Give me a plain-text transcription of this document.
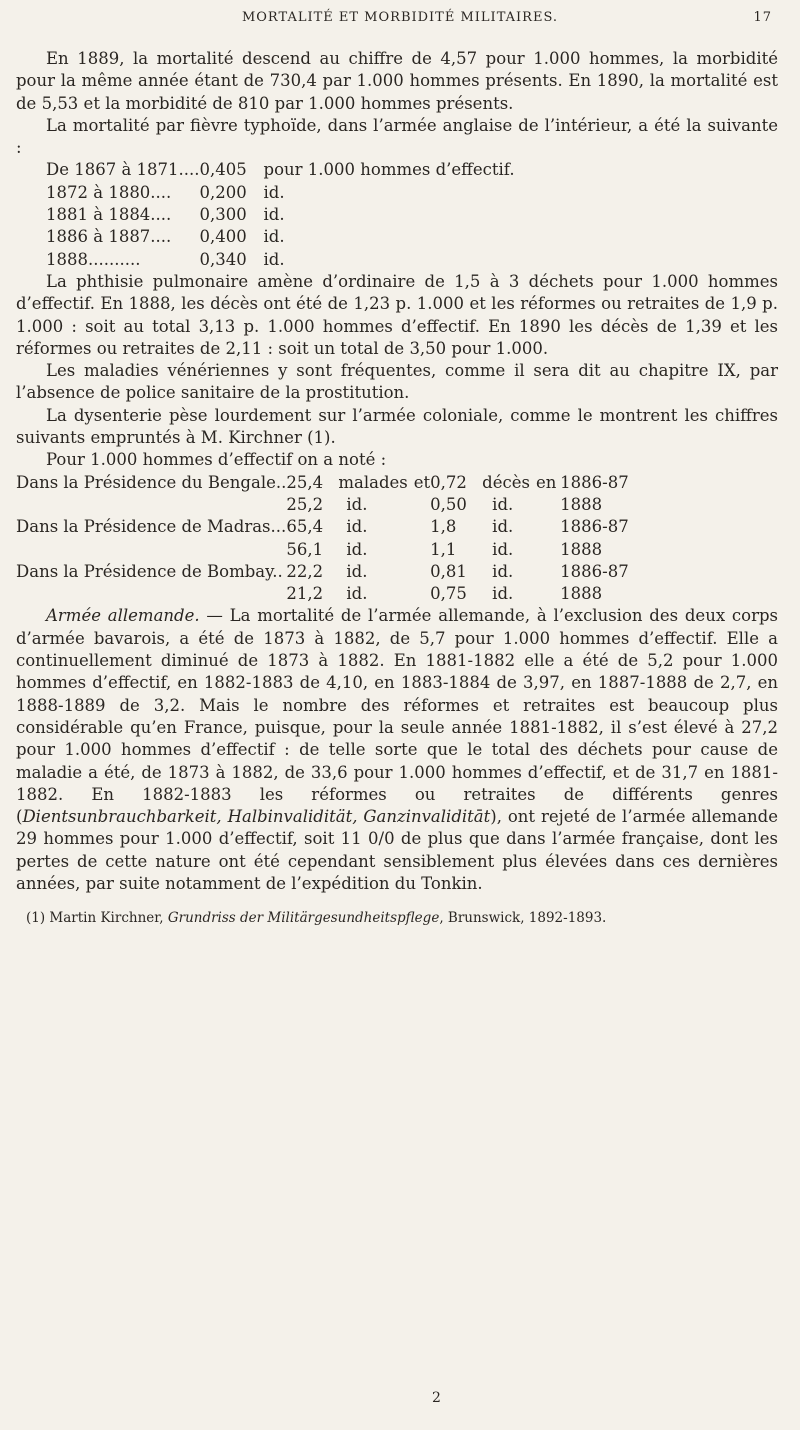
MORTALITÉ ET MORBIDITÉ MILITAIRES.	17

En 1889, la mortalité descend au chiffre de 4,57 pour 1.000 hommes, la morbidité pour la même année étant de 730,4 par 1.000 hommes présents. En 1890, la mortalité est de 5,53 et la morbidité de 810 par 1.000 hommes présents.

La mortalité par fièvre typhoïde, dans l’armée anglaise de l’intérieur, a été la suivante :

De 1867 à 1871....	0,405	pour 1.000 hommes d’effectif.
1872 à 1880....	0,200	id.
1881 à 1884....	0,300	id.
1886 à 1887....	0,400	id.
1888..........	0,340	id.

La phthisie pulmonaire amène d’ordinaire de 1,5 à 3 déchets pour 1.000 hommes d’effectif. En 1888, les décès ont été de 1,23 p. 1.000 et les réformes ou retraites de 1,9 p. 1.000 : soit au total 3,13 p. 1.000 hommes d’effectif. En 1890 les décès de 1,39 et les réformes ou retraites de 2,11 : soit un total de 3,50 pour 1.000.

Les maladies vénériennes y sont fréquentes, comme il sera dit au chapitre IX, par l’absence de police sanitaire de la prostitution.

La dysenterie pèse lourdement sur l’armée coloniale, comme le montrent les chiffres suivants empruntés à M. Kirchner (1).

Pour 1.000 hommes d’effectif on a noté :

Dans la Présidence du Bengale..	25,4	malades et	0,72	décès en	1886-87
	25,2	id.	0,50	id.	1888
Dans la Présidence de Madras...	65,4	id.	1,8	id.	1886-87
	56,1	id.	1,1	id.	1888
Dans la Présidence de Bombay..	22,2	id.	0,81	id.	1886-87
	21,2	id.	0,75	id.	1888

Armée allemande. — La mortalité de l’armée allemande, à l’exclusion des deux corps d’armée bavarois, a été de 1873 à 1882, de 5,7 pour 1.000 hommes d’effectif. Elle a continuellement diminué de 1873 à 1882. En 1881-1882 elle a été de 5,2 pour 1.000 hommes d’effectif, en 1882-1883 de 4,10, en 1883-1884 de 3,97, en 1887-1888 de 2,7, en 1888-1889 de 3,2. Mais le nombre des réformes et retraites est beaucoup plus considérable qu’en France, puisque, pour la seule année 1881-1882, il s’est élevé à 27,2 pour 1.000 hommes d’effectif : de telle sorte que le total des déchets pour cause de maladie a été, de 1873 à 1882, de 33,6 pour 1.000 hommes d’effectif, et de 31,7 en 1881-1882. En 1882-1883 les réformes ou retraites de différents genres (Dientsunbrauchbarkeit, Halbinvalidität, Ganzinvaliditāt), ont rejeté de l’armée allemande 29 hommes pour 1.000 d’effectif, soit 11 0/0 de plus que dans l’armée française, dont les pertes de cette nature ont été cependant sensiblement plus élevées dans ces dernières années, par suite notamment de l’expédition du Tonkin.

(1) Martin Kirchner, Grundriss der Militärgesundheitspflege, Brunswick, 1892-1893.

2
